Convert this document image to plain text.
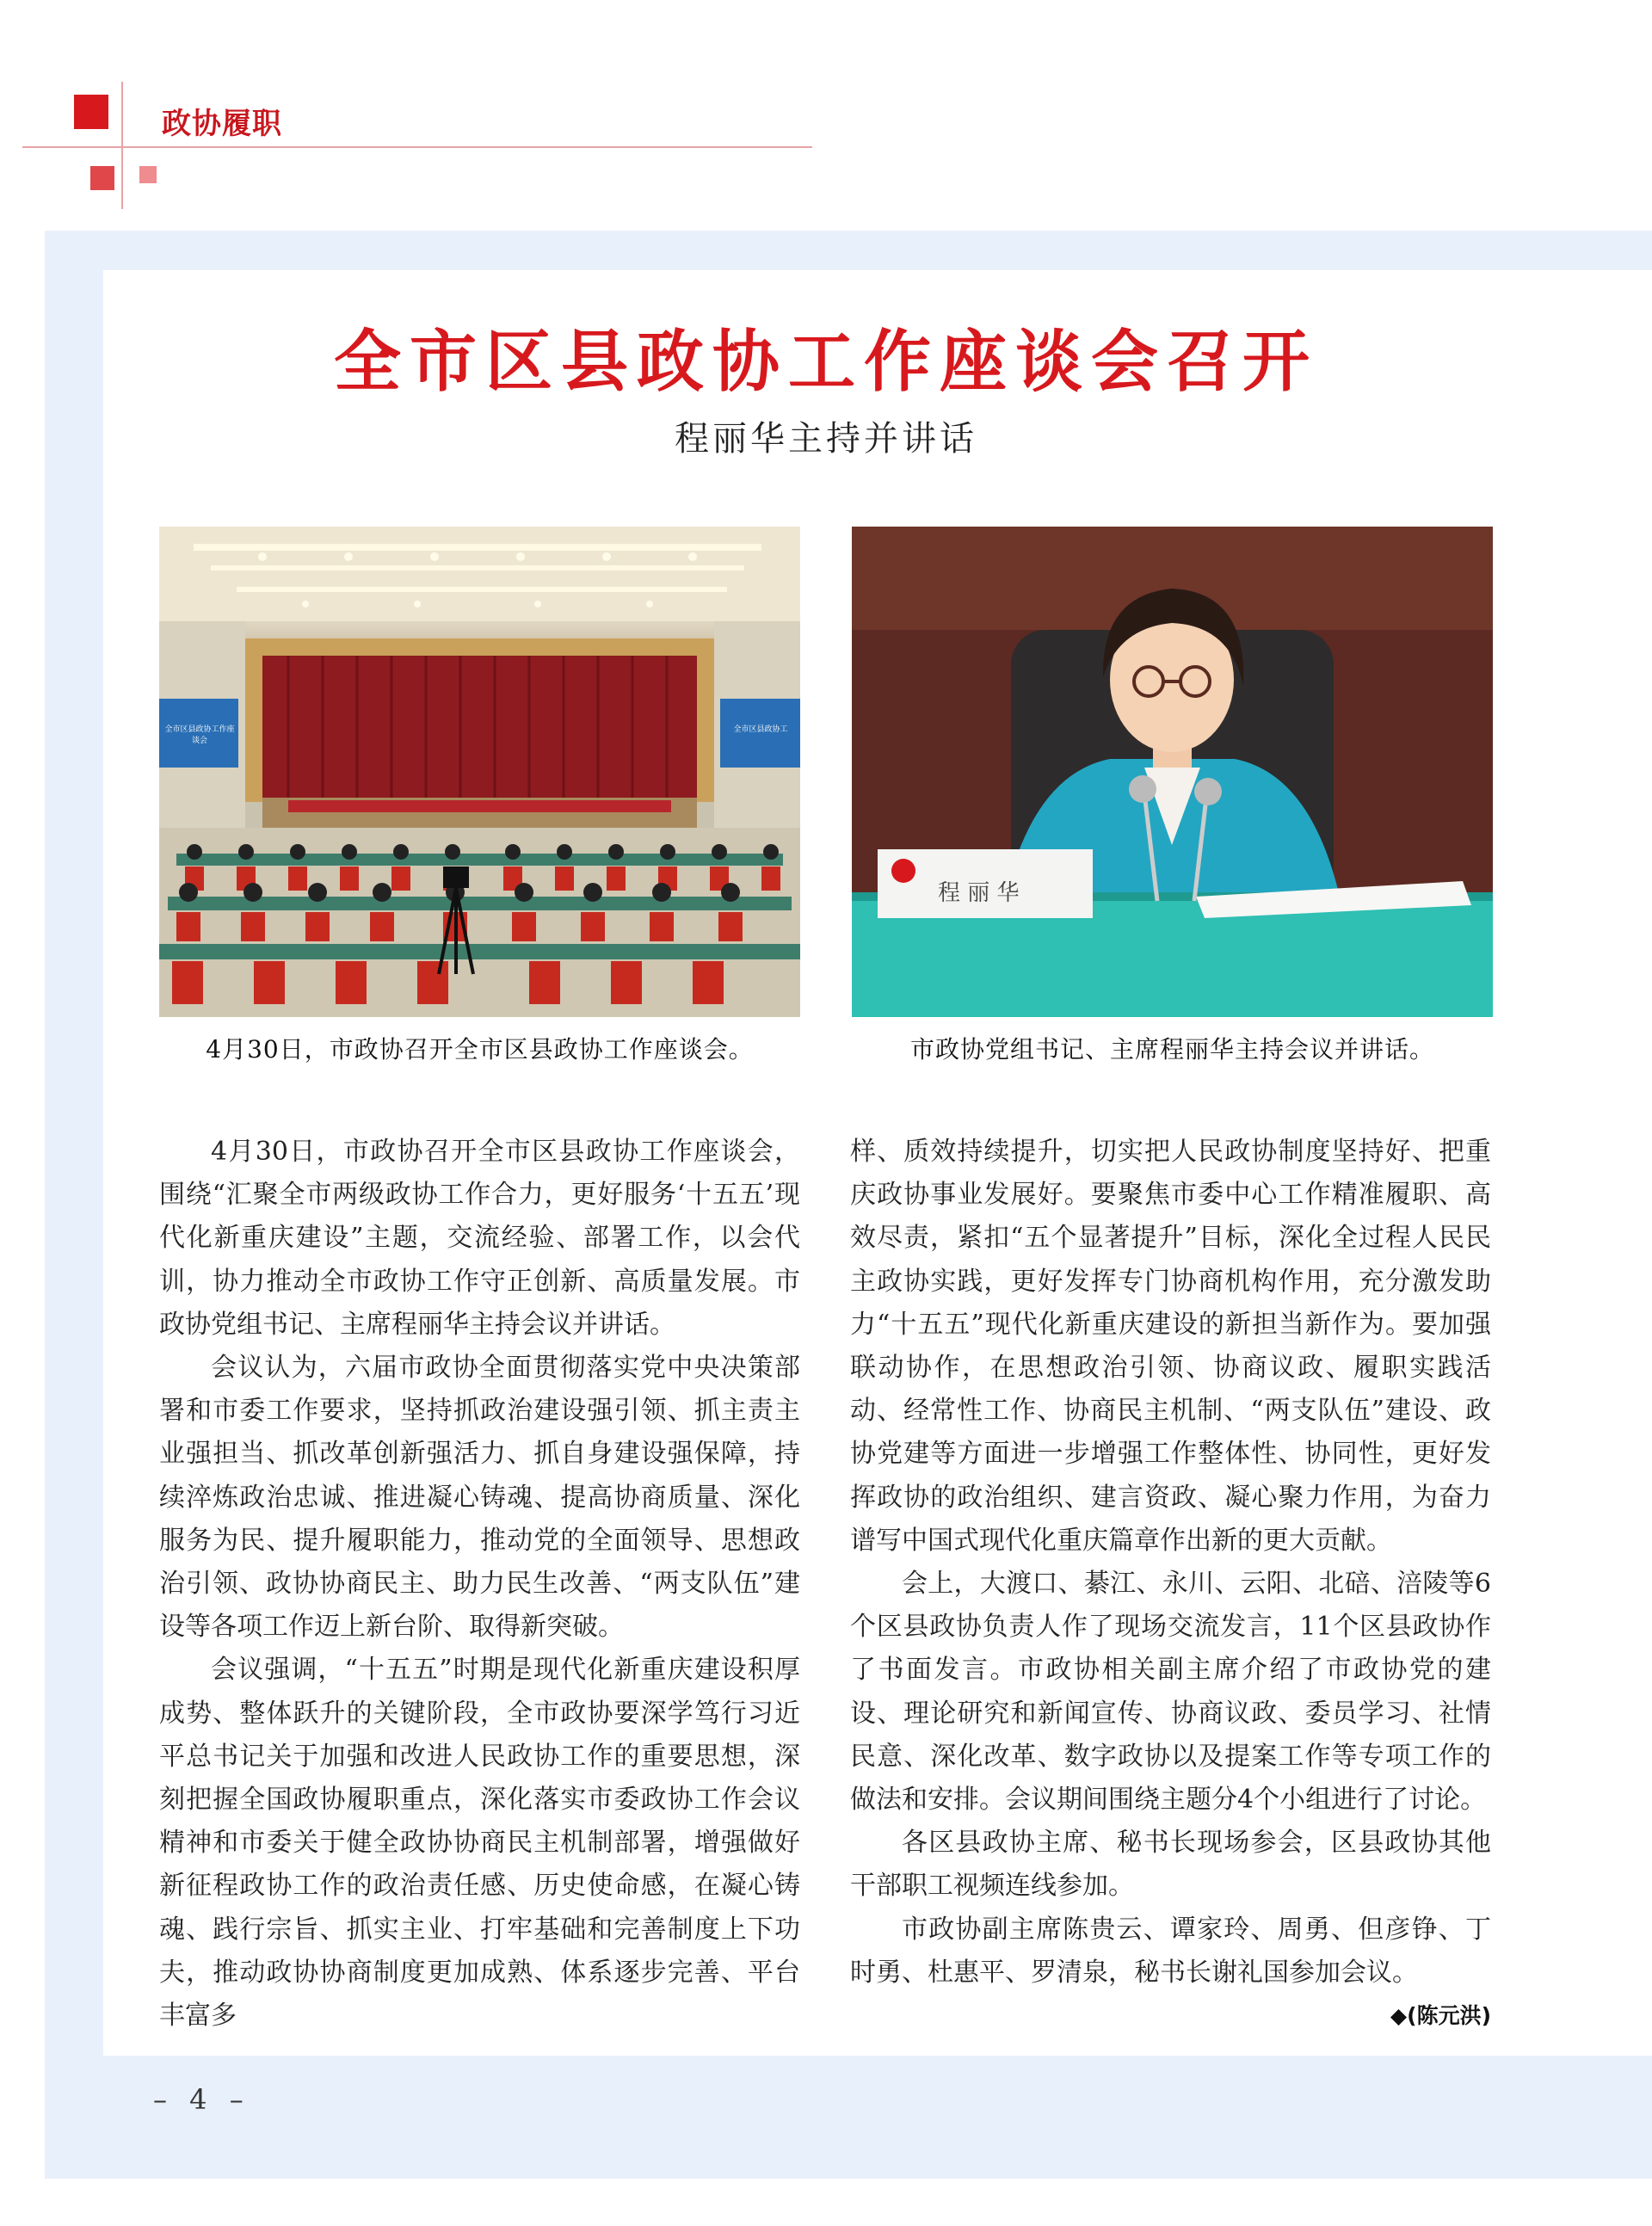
政协履职
全市区县政协工作座谈会召开
程丽华主持并讲话
全市区县政协工作座谈会
全市区县政协工
程 丽 华
4月30日，市政协召开全市区县政协工作座谈会。	市政协党组书记、主席程丽华主持会议并讲话。

4月30日，市政协召开全市区县政协工作座谈会，围绕“汇聚全市两级政协工作合力，更好服务‘十五五’现代化新重庆建设”主题，交流经验、部署工作，以会代训，协力推动全市政协工作守正创新、高质量发展。市政协党组书记、主席程丽华主持会议并讲话。

会议认为，六届市政协全面贯彻落实党中央决策部署和市委工作要求，坚持抓政治建设强引领、抓主责主业强担当、抓改革创新强活力、抓自身建设强保障，持续淬炼政治忠诚、推进凝心铸魂、提高协商质量、深化服务为民、提升履职能力，推动党的全面领导、思想政治引领、政协协商民主、助力民生改善、“两支队伍”建设等各项工作迈上新台阶、取得新突破。

会议强调，“十五五”时期是现代化新重庆建设积厚成势、整体跃升的关键阶段，全市政协要深学笃行习近平总书记关于加强和改进人民政协工作的重要思想，深刻把握全国政协履职重点，深化落实市委政协工作会议精神和市委关于健全政协协商民主机制部署，增强做好新征程政协工作的政治责任感、历史使命感，在凝心铸魂、践行宗旨、抓实主业、打牢基础和完善制度上下功夫，推动政协协商制度更加成熟、体系逐步完善、平台丰富多

样、质效持续提升，切实把人民政协制度坚持好、把重庆政协事业发展好。要聚焦市委中心工作精准履职、高效尽责，紧扣“五个显著提升”目标，深化全过程人民民主政协实践，更好发挥专门协商机构作用，充分激发助力“十五五”现代化新重庆建设的新担当新作为。要加强联动协作，在思想政治引领、协商议政、履职实践活动、经常性工作、协商民主机制、“两支队伍”建设、政协党建等方面进一步增强工作整体性、协同性，更好发挥政协的政治组织、建言资政、凝心聚力作用，为奋力谱写中国式现代化重庆篇章作出新的更大贡献。

会上，大渡口、綦江、永川、云阳、北碚、涪陵等6个区县政协负责人作了现场交流发言，11个区县政协作了书面发言。市政协相关副主席介绍了市政协党的建设、理论研究和新闻宣传、协商议政、委员学习、社情民意、深化改革、数字政协以及提案工作等专项工作的做法和安排。会议期间围绕主题分4个小组进行了讨论。

各区县政协主席、秘书长现场参会，区县政协其他干部职工视频连线参加。

市政协副主席陈贵云、谭家玲、周勇、但彦铮、丁时勇、杜惠平、罗清泉，秘书长谢礼国参加会议。
◆(陈元洪)

– 4 –
